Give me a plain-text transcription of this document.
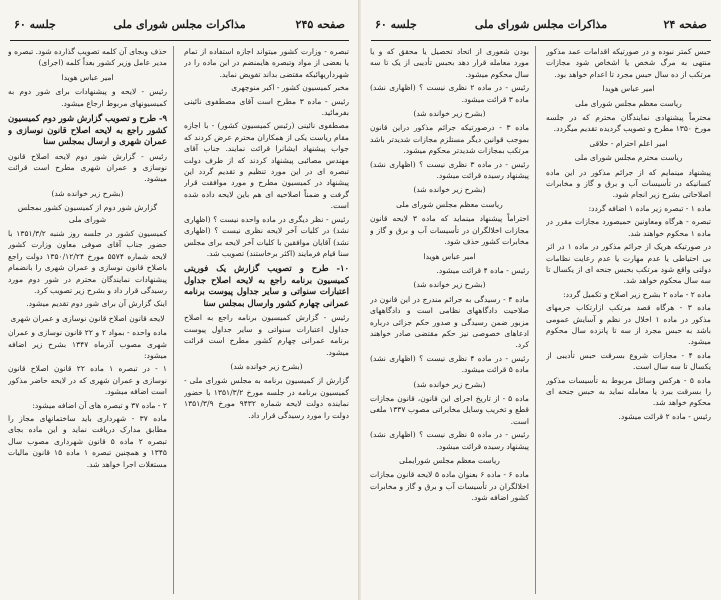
صفحه ۲۴۵
مذاکرات مجلس شورای ملی
جلسه ۶۰

تبصره - وزارت کشور میتواند اجازه استفاده از تمام یا بعضی از مواد وتبصره هایمنضم در این ماده را در شهرداریهائیکه مقتضی بداند تفویض نماید.

مخبر کمیسیون کشور - اکبر منوچهری

رئیس - ماده ۳ مطرح است آقای مصطفوی نائینی بفرمائید.

مصطفوی نائینی (رئیس کمیسیون کشور) - با اجازه مقام ریاست یکی از همکاران محترم عرض کردند که جواب پیشنهاد ایشانرا قرائت نمایند. جناب آقای مهندس مصائبی پیشنهاد کردند که از طرف دولت تبصره ای در این مورد تنظیم و تقدیم گردد این پیشنهاد در کمیسیون مطرح و مورد موافقت قرار گرفت و ضمناً اصلاحیه ای هم باین لایحه داده شده است.

رئیس - نظر دیگری در ماده واحده نیست ؟ (اظهاری نشد) در کلیات آخر لایحه نظری نیست ؟ (اظهاری نشد) آقایان موافقین با کلیات آخر لایحه برای مجلس سنا قیام فرمایند (اکثر برخاستند) تصویب شد.

۱۰- طرح و تصویب گزارش یک فوریتی کمیسیون برنامه راجع به لایحه اصلاح جداول اعتبارات سنواتی و سایر جداول پیوست برنامه عمرانی چهارم کشور وارسال بمجلس سنا

رئیس - گزارش کمیسیون برنامه راجع به اصلاح جداول اعتبارات سنواتی و سایر جداول پیوست برنامه عمرانی چهارم کشور مطرح است قرائت میشود.

(بشرح زیر خوانده شد)

گزارش از کمیسیون برنامه به مجلس شورای ملی - کمیسیون برنامه در جلسه مورخ ۱۳۵۱/۳/۲ با حضور نماینده دولت لایحه شماره ۹۴۳۲ مورخ ۱۳۵۱/۳/۹ دولت را مورد رسیدگی قرار داد.

حذف وبجای آن کلمه تصویب گذارده شود. تبصره و مدیر عامل وزیر کشور بعداً کلمه (اجرای)

امیر عباس هویدا

رئیس - لایحه و پیشنهادات برای شور دوم به کمیسیونهای مربوط ارجاع میشود.

۹- طرح و تصویب گزارش شور دوم کمیسیون کشور راجع به لایحه اصلاح قانون نوسازی و عمران شهری و ارسال بمجلس سنا

رئیس - گزارش شور دوم لایحه اصلاح قانون نوسازی و عمران شهری مطرح است قرائت میشود.

(بشرح زیر خوانده شد)

گزارش شور دوم از کمیسیون کشور بمجلس شورای ملی

کمیسیون کشور در جلسه روز شنبه ۱۳۵۱/۳/۲ با حضور جناب آقای صوفی معاون وزارت کشور لایحه شماره ۵۵۷۴ مورخ ۱۳۵۰/۱۲/۲۴ دولت راجع باصلاح قانون نوسازی و عمران شهری را بانضمام پیشنهادات نمایندگان محترم در شور دوم مورد رسیدگی قرار داد و بشرح زیر تصویب کرد.

اینک گزارش آن برای شور دوم تقدیم میشود.

لایحه قانون اصلاح قانون نوسازی و عمران شهری

ماده واحده - بمواد ۲ و ۲۲ قانون نوسازی و عمران شهری مصوب آذرماه ۱۳۴۷ بشرح زیر اضافه میشود:

۱ - در تبصره ۱ ماده ۲۲ قانون اصلاح قانون نوسازی و عمران شهری که در لایحه حاضر مذکور است اضافه میشود.

۲ - ماده ۳۷ و تبصره های آن اضافه میشود:

ماده ۳۷ - شهرداری باید ساختمانهای مجاز را مطابق مدارک دریافت نماید و این ماده بجای تبصره ۲ ماده ۵ قانون شهرداری مصوب سال ۱۳۴۵ و همچنین تبصره ۱ ماده ۱۵ قانون مالیات مستغلات اجرا خواهد شد.

صفحه ۲۴
مذاکرات مجلس شورای ملی
جلسه ۶۰

حبس کمتر نبوده و در صورتیکه اقدامات عمد مذکور منتهی به مرگ شخص یا اشخاص شود مجازات مرتکب از ده سال حبس مجرد تا اعدام خواهد بود.

امیر عباس هویدا

ریاست معظم مجلس شورای ملی

محترماً پیشنهادی نمایندگان محترم که در جلسه مورخ ۱۳۵۰ مطرح و تصویب گردیده تقدیم میگردد.

امیر اعلم احترام - حلاقی

ریاست محترم مجلس شورای ملی

پیشنهاد مینمایم که از جرائم مذکور در این ماده کسانیکه در تأسیسات آب و برق و گاز و مخابرات اصلاحاتی بشرح زیر انجام شود.

ماده ۱ - تبصره زیر ماده ۱ اضافه گردد:

تبصره - هرگاه ومعاونین حمیصورد مجازات مقرر در ماده ۱ محکوم خواهند شد.

در صورتیکه هریک از جرائم مذکور در ماده ۱ در اثر بی احتیاطی یا عدم مهارت یا عدم رعایت نظامات دولتی واقع شود مرتکب بحبس جنحه ای از یکسال تا سه سال محکوم خواهد شد.

ماده ۲ - ماده ۲ بشرح زیر اصلاح و تکمیل گردد:

ماده ۳ - هرگاه قصد مرتکب ازارتکاب جرمهای مذکور در ماده ۱ اخلال در نظم و آسایش عمومی باشد به حبس مجرد از سه تا پانزده سال محکوم میشود.

ماده ۴ - مجازات شروع بسرقت حبس تأدیبی از یکسال تا سه سال است.

ماده ۵ - هرکس وسائل مربوط به تأسیسات مذکور را بسرقت ببرد یا معامله نماید به حبس جنحه ای محکوم خواهد شد.

رئیس - ماده ۲ قرائت میشود.

بودن شعوری از اتحاد تحصیل یا محقق که و یا مورد معامله قرار دهد بحبس تأدیبی از یک تا سه سال محکوم میشود.

رئیس - در ماده ۲ نظری نیست ؟ (اظهاری نشد) ماده ۳ قرائت میشود.

(بشرح زیر خوانده شد)

ماده ۳ - درصورتیکه جرائم مذکور دراین قانون بموجب قوانین دیگر مستلزم مجازات شدیدتر باشد مرتکب بمجازات شدیدتر محکوم میشود.

رئیس - در ماده ۳ نظری نیست ؟ (اظهاری نشد) پیشنهاد رسیده قرائت میشود.

(بشرح زیر خوانده شد)

ریاست معظم مجلس شورای ملی

احتراماً پیشنهاد مینماید که ماده ۳ لایحه قانون مجازات اخلالگران در تأسیسات آب و برق و گاز و مخابرات کشور حذف شود.

امیر عباس هویدا

رئیس - ماده ۴ قرائت میشود.

(بشرح زیر خوانده شد)

ماده ۴ - رسیدگی به جرائم مندرج در این قانون در صلاحیت دادگاههای نظامی است و دادگاههای مزبور ضمن رسیدگی و صدور حکم جزائی درباره ادعاهای خصوصی نیز حکم مقتضی صادر خواهند کرد.

رئیس - در ماده ۴ نظری نیست ؟ (اظهاری نشد) ماده ۵ قرائت میشود.

(بشرح زیر خوانده شد)

ماده ۵ - از تاریخ اجرای این قانون، قانون مجازات قطع و تخریب وسایل مخابراتی مصوب ۱۳۳۷ ملغی است.

رئیس - در ماده ۵ نظری نیست ؟ (اظهاری نشد) پیشنهاد رسیده قرائت میشود.

ریاست معظم مجلس شورایملی

ماده ۶ - ماده ۶ بعنوان ماده ۵ لایحه قانون مجازات اخلالگران در تأسیسات آب و برق و گاز و مخابرات کشور اضافه شود.
